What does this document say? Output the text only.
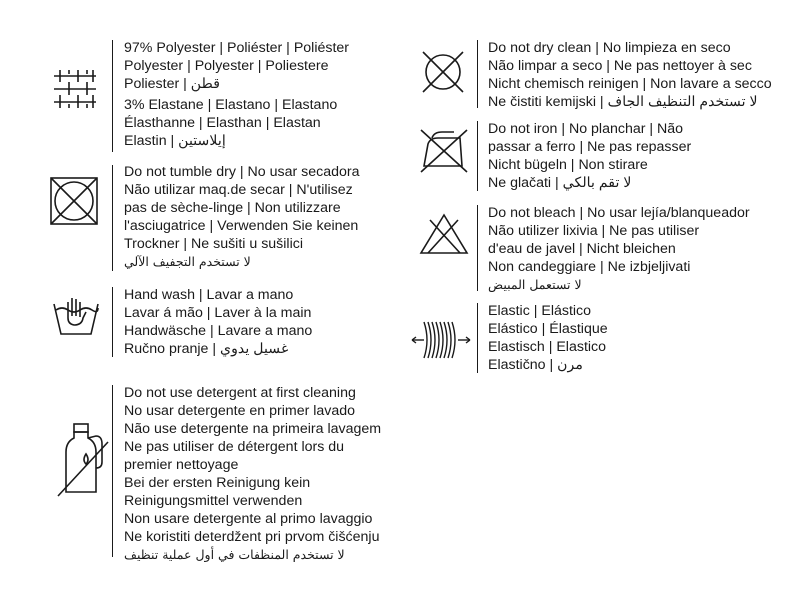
97% Polyester | Poliéster | Poliéster
Polyester | Polyester | Poliestere
Poliester | قطن
3% Elastane | Elastano | Elastano
Élasthanne | Elasthan | Elastan
Elastin | إيلاستين
Do not tumble dry | No usar secadora
Não utilizar maq.de secar | N'utilisez
pas de sèche-linge | Non utilizzare
l'asciugatrice | Verwenden Sie keinen
Trockner | Ne sušiti u sušilici
لا تستخدم التجفيف الآلي
Hand wash | Lavar a mano
Lavar á mão | Laver à la main
Handwäsche | Lavare a mano
Ručno pranje | غسيل يدوي
Do not use detergent at first cleaning
No usar detergente en primer lavado
Não use detergente na primeira lavagem
Ne pas utiliser de détergent lors du
premier nettoyage
Bei der ersten Reinigung kein
Reinigungsmittel verwenden
Non usare detergente al primo lavaggio
Ne koristiti deterdžent pri prvom čišćenju
لا تستخدم المنظفات في أول عملية تنظيف
Do not dry clean | No limpieza en seco
Não limpar a seco | Ne pas nettoyer à sec
Nicht chemisch reinigen | Non lavare a secco
Ne čistiti kemijski | لا تستخدم التنظيف الجاف
Do not iron | No planchar | Não
passar a ferro | Ne pas repasser
Nicht bügeln | Non stirare
Ne glačati | لا تقم بالكي
Do not bleach | No usar lejía/blanqueador
Não utilizer lixivia | Ne pas utiliser
d'eau de javel | Nicht bleichen
Non candeggiare | Ne izbjeljivati
لا تستعمل المبيض
Elastic | Elástico
Elástico | Élastique
Elastisch | Elastico
Elastično | مرن
